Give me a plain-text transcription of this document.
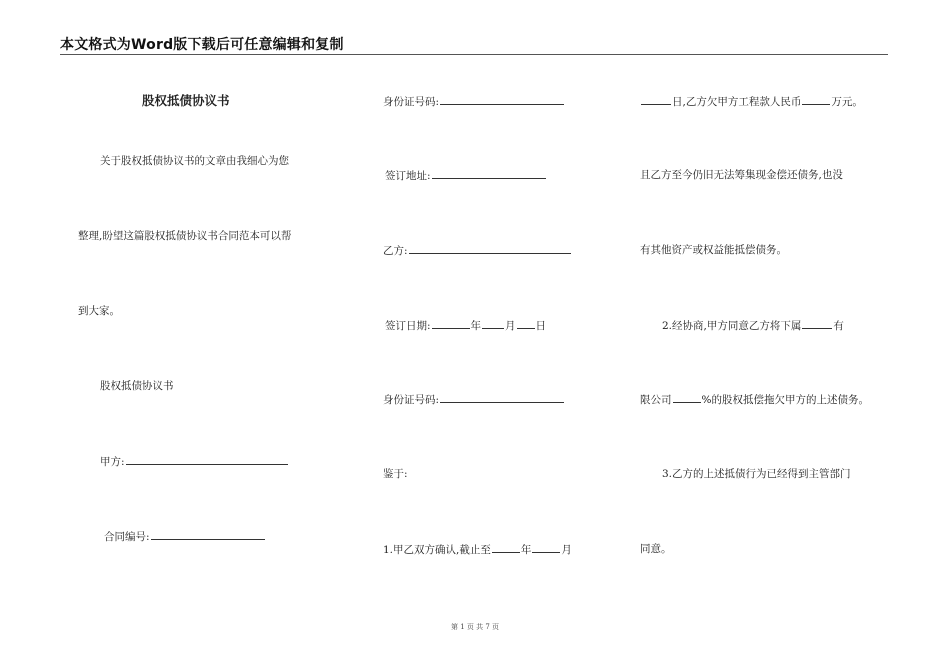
本文格式为Word版下载后可任意编辑和复制
股权抵债协议书
关于股权抵债协议书的文章由我细心为您
整理,盼望这篇股权抵债协议书合同范本可以帮
到大家。
股权抵债协议书
甲方:
合同编号:
身份证号码:
签订地址:
乙方:
签订日期:	年 月 日
身份证号码:
鉴于:
1.甲乙双方确认,截止至	年	月
日,乙方欠甲方工程款人民币	万元。
且乙方至今仍旧无法筹集现金偿还债务,也没
有其他资产或权益能抵偿债务。
2.经协商,甲方同意乙方将下属	有
限公司	%的股权抵偿拖欠甲方的上述债务。
3.乙方的上述抵债行为已经得到主管部门
同意。
第 1 页 共 7 页
